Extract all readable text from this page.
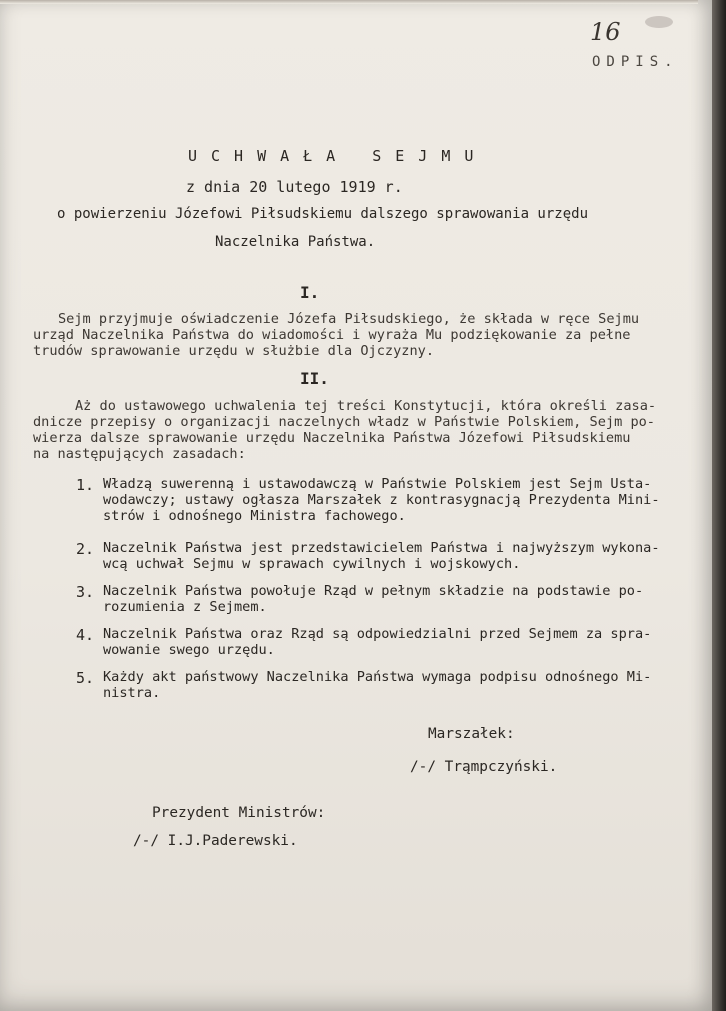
16
ODPIS.
UCHWAŁA SEJMU
z dnia 20 lutego 1919 r.
o powierzeniu Józefowi Piłsudskiemu dalszego sprawowania urzędu
Naczelnika Państwa.
I.
Sejm przyjmuje oświadczenie Józefa Piłsudskiego, że składa w ręce Sejmu
urząd Naczelnika Państwa do wiadomości i wyraża Mu podziękowanie za pełne
trudów sprawowanie urzędu w służbie dla Ojczyzny.
II.
Aż do ustawowego uchwalenia tej treści Konstytucji, która określi zasa-
dnicze przepisy o organizacji naczelnych władz w Państwie Polskiem, Sejm po-
wierza dalsze sprawowanie urzędu Naczelnika Państwa Józefowi Piłsudskiemu
na następujących zasadach:
1. Władzą suwerenną i ustawodawczą w Państwie Polskiem jest Sejm Usta-
wodawczy; ustawy ogłasza Marszałek z kontrasygnacją Prezydenta Mini-
strów i odnośnego Ministra fachowego.
2. Naczelnik Państwa jest przedstawicielem Państwa i najwyższym wykona-
wcą uchwał Sejmu w sprawach cywilnych i wojskowych.
3. Naczelnik Państwa powołuje Rząd w pełnym składzie na podstawie po-
rozumienia z Sejmem.
4. Naczelnik Państwa oraz Rząd są odpowiedzialni przed Sejmem za spra-
wowanie swego urzędu.
5. Każdy akt państwowy Naczelnika Państwa wymaga podpisu odnośnego Mi-
nistra.
Marszałek:
/-/ Trąmpczyński.
Prezydent Ministrów:
/-/ I.J.Paderewski.
